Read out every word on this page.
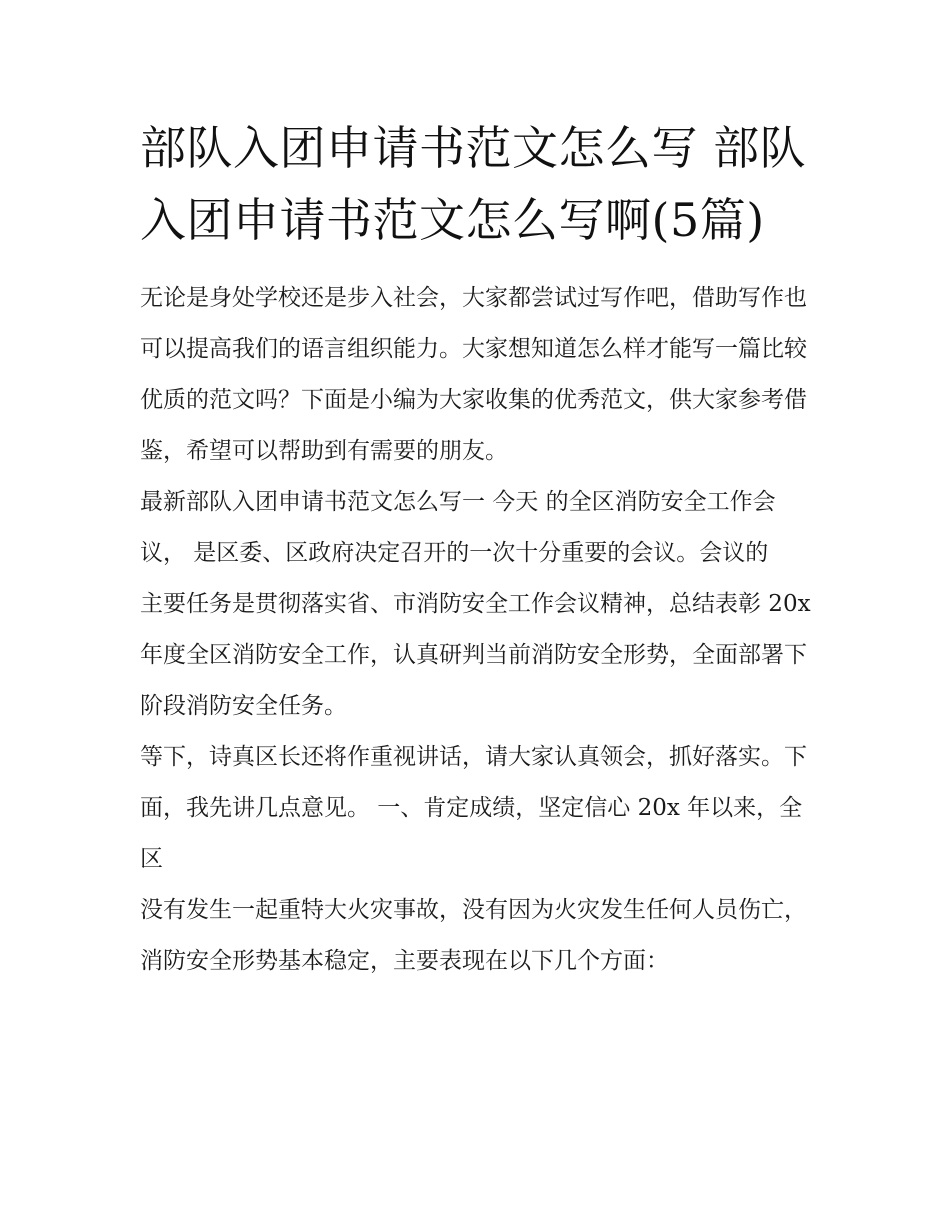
部队入团申请书范文怎么写 部队入团申请书范文怎么写啊(5篇)

无论是身处学校还是步入社会，大家都尝试过写作吧，借助写作也可以提高我们的语言组织能力。大家想知道怎么样才能写一篇比较优质的范文吗？下面是小编为大家收集的优秀范文，供大家参考借鉴，希望可以帮助到有需要的朋友。

最新部队入团申请书范文怎么写一 今天 的全区消防安全工作会议， 是区委、区政府决定召开的一次十分重要的会议。会议的

主要任务是贯彻落实省、市消防安全工作会议精神，总结表彰 20x 年度全区消防安全工作，认真研判当前消防安全形势，全面部署下阶段消防安全任务。

等下，诗真区长还将作重视讲话，请大家认真领会，抓好落实。下面，我先讲几点意见。 一、肯定成绩，坚定信心 20x 年以来，全区

没有发生一起重特大火灾事故，没有因为火灾发生任何人员伤亡，消防安全形势基本稳定，主要表现在以下几个方面：
